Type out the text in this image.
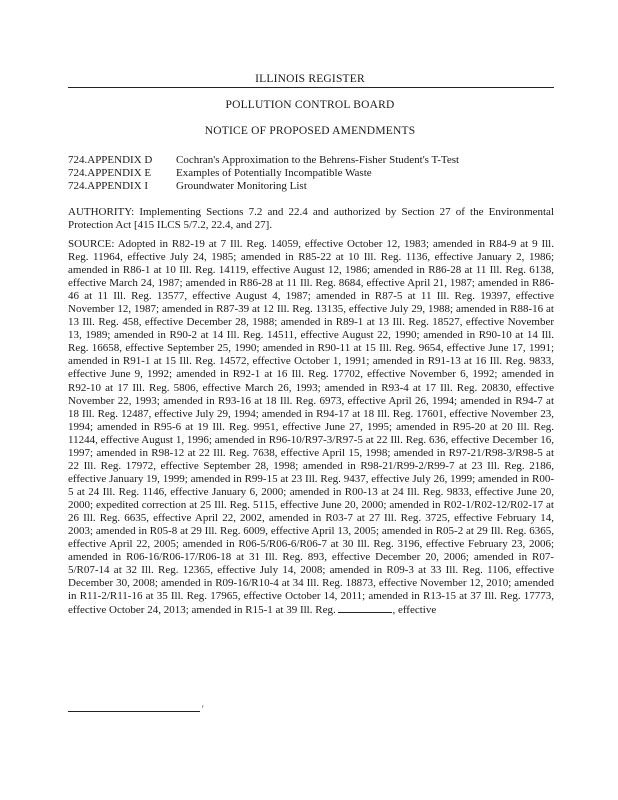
ILLINOIS REGISTER
POLLUTION CONTROL BOARD
NOTICE OF PROPOSED AMENDMENTS
724.APPENDIX D Cochran's Approximation to the Behrens-Fisher Student's T-Test
724.APPENDIX E Examples of Potentially Incompatible Waste
724.APPENDIX I	Groundwater Monitoring List

AUTHORITY: Implementing Sections 7.2 and 22.4 and authorized by Section 27 of the Environmental Protection Act [415 ILCS 5/7.2, 22.4, and 27].

SOURCE: Adopted in R82-19 at 7 Ill. Reg. 14059, effective October 12, 1983; amended in R84-9 at 9 Ill. Reg. 11964, effective July 24, 1985; amended in R85-22 at 10 Ill. Reg. 1136, effective January 2, 1986; amended in R86-1 at 10 Ill. Reg. 14119, effective August 12, 1986; amended in R86-28 at 11 Ill. Reg. 6138, effective March 24, 1987; amended in R86-28 at 11 Ill. Reg. 8684, effective April 21, 1987; amended in R86-46 at 11 Ill. Reg. 13577, effective August 4, 1987; amended in R87-5 at 11 Ill. Reg. 19397, effective November 12, 1987; amended in R87-39 at 12 Ill. Reg. 13135, effective July 29, 1988; amended in R88-16 at 13 Ill. Reg. 458, effective December 28, 1988; amended in R89-1 at 13 Ill. Reg. 18527, effective November 13, 1989; amended in R90-2 at 14 Ill. Reg. 14511, effective August 22, 1990; amended in R90-10 at 14 Ill. Reg. 16658, effective September 25, 1990; amended in R90-11 at 15 Ill. Reg. 9654, effective June 17, 1991; amended in R91-1 at 15 Ill. Reg. 14572, effective October 1, 1991; amended in R91-13 at 16 Ill. Reg. 9833, effective June 9, 1992; amended in R92-1 at 16 Ill. Reg. 17702, effective November 6, 1992; amended in R92-10 at 17 Ill. Reg. 5806, effective March 26, 1993; amended in R93-4 at 17 Ill. Reg. 20830, effective November 22, 1993; amended in R93-16 at 18 Ill. Reg. 6973, effective April 26, 1994; amended in R94-7 at 18 Ill. Reg. 12487, effective July 29, 1994; amended in R94-17 at 18 Ill. Reg. 17601, effective November 23, 1994; amended in R95-6 at 19 Ill. Reg. 9951, effective June 27, 1995; amended in R95-20 at 20 Ill. Reg. 11244, effective August 1, 1996; amended in R96-10/R97-3/R97-5 at 22 Ill. Reg. 636, effective December 16, 1997; amended in R98-12 at 22 Ill. Reg. 7638, effective April 15, 1998; amended in R97-21/R98-3/R98-5 at 22 Ill. Reg. 17972, effective September 28, 1998; amended in R98-21/R99-2/R99-7 at 23 Ill. Reg. 2186, effective January 19, 1999; amended in R99-15 at 23 Ill. Reg. 9437, effective July 26, 1999; amended in R00-5 at 24 Ill. Reg. 1146, effective January 6, 2000; amended in R00-13 at 24 Ill. Reg. 9833, effective June 20, 2000; expedited correction at 25 Ill. Reg. 5115, effective June 20, 2000; amended in R02-1/R02-12/R02-17 at 26 Ill. Reg. 6635, effective April 22, 2002, amended in R03-7 at 27 Ill. Reg. 3725, effective February 14, 2003; amended in R05-8 at 29 Ill. Reg. 6009, effective April 13, 2005; amended in R05-2 at 29 Ill. Reg. 6365, effective April 22, 2005; amended in R06-5/R06-6/R06-7 at 30 Ill. Reg. 3196, effective February 23, 2006; amended in R06-16/R06-17/R06-18 at 31 Ill. Reg. 893, effective December 20, 2006; amended in R07-5/R07-14 at 32 Ill. Reg. 12365, effective July 14, 2008; amended in R09-3 at 33 Ill. Reg. 1106, effective December 30, 2008; amended in R09-16/R10-4 at 34 Ill. Reg. 18873, effective November 12, 2010; amended in R11-2/R11-16 at 35 Ill. Reg. 17965, effective October 14, 2011; amended in R13-15 at 37 Ill. Reg. 17773, effective October 24, 2013; amended in R15-1 at 39 Ill. Reg.	, effective

'
